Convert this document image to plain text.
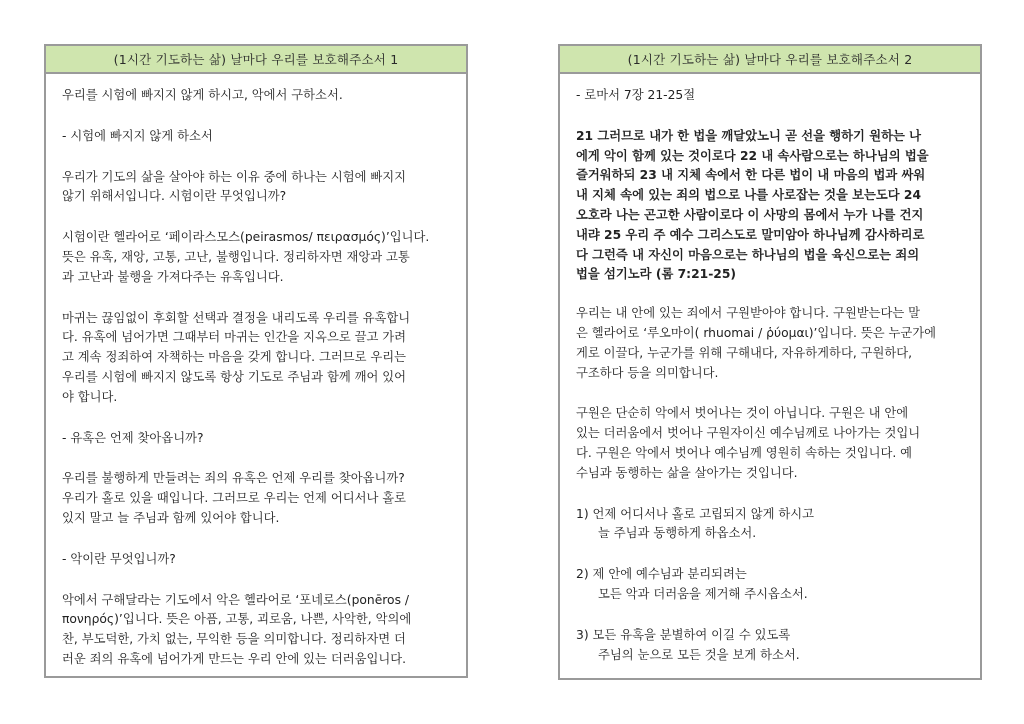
(1시간 기도하는 삶) 날마다 우리를 보호해주소서 1

우리를 시험에 빠지지 않게 하시고, 악에서 구하소서.

- 시험에 빠지지 않게 하소서

우리가 기도의 삶을 살아야 하는 이유 중에 하나는 시험에 빠지지
않기 위해서입니다. 시험이란 무엇입니까?

시험이란 헬라어로 ‘페이라스모스(peirasmos/ πειρασμός)’입니다.
뜻은 유혹, 재앙, 고통, 고난, 불행입니다. 정리하자면 재앙과 고통
과 고난과 불행을 가져다주는 유혹입니다.

마귀는 끊임없이 후회할 선택과 결정을 내리도록 우리를 유혹합니
다. 유혹에 넘어가면 그때부터 마귀는 인간을 지옥으로 끌고 가려
고 계속 정죄하여 자책하는 마음을 갖게 합니다. 그러므로 우리는
우리를 시험에 빠지지 않도록 항상 기도로 주님과 함께 깨어 있어
야 합니다.

- 유혹은 언제 찾아옵니까?

우리를 불행하게 만들려는 죄의 유혹은 언제 우리를 찾아옵니까?
우리가 홀로 있을 때입니다. 그러므로 우리는 언제 어디서나 홀로
있지 말고 늘 주님과 함께 있어야 합니다.

- 악이란 무엇입니까?

악에서 구해달라는 기도에서 악은 헬라어로 ‘포네로스(ponēros /
πονηρός)’입니다. 뜻은 아픔, 고통, 괴로움, 나쁜, 사악한, 악의에
찬, 부도덕한, 가치 없는, 무익한 등을 의미합니다. 정리하자면 더
러운 죄의 유혹에 넘어가게 만드는 우리 안에 있는 더러움입니다.

(1시간 기도하는 삶) 날마다 우리를 보호해주소서 2

- 로마서 7장 21-25절

21 그러므로 내가 한 법을 깨달았노니 곧 선을 행하기 원하는 나
에게 악이 함께 있는 것이로다 22 내 속사람으로는 하나님의 법을
즐거워하되 23 내 지체 속에서 한 다른 법이 내 마음의 법과 싸워
내 지체 속에 있는 죄의 법으로 나를 사로잡는 것을 보는도다 24
오호라 나는 곤고한 사람이로다 이 사망의 몸에서 누가 나를 건지
내랴 25 우리 주 예수 그리스도로 말미암아 하나님께 감사하리로
다 그런즉 내 자신이 마음으로는 하나님의 법을 육신으로는 죄의
법을 섬기노라 (롬 7:21-25)

우리는 내 안에 있는 죄에서 구원받아야 합니다. 구원받는다는 말
은 헬라어로 ‘루오마이( rhuomai / ῥύομαι)’입니다. 뜻은 누군가에
게로 이끌다, 누군가를 위해 구해내다, 자유하게하다, 구원하다,
구조하다 등을 의미합니다.

구원은 단순히 악에서 벗어나는 것이 아닙니다. 구원은 내 안에
있는 더러움에서 벗어나 구원자이신 예수님께로 나아가는 것입니
다. 구원은 악에서 벗어나 예수님께 영원히 속하는 것입니다. 예
수님과 동행하는 삶을 살아가는 것입니다.

1) 언제 어디서나 홀로 고립되지 않게 하시고
늘 주님과 동행하게 하옵소서.
2) 제 안에 예수님과 분리되려는
모든 악과 더러움을 제거해 주시옵소서.
3) 모든 유혹을 분별하여 이길 수 있도록
주님의 눈으로 모든 것을 보게 하소서.
